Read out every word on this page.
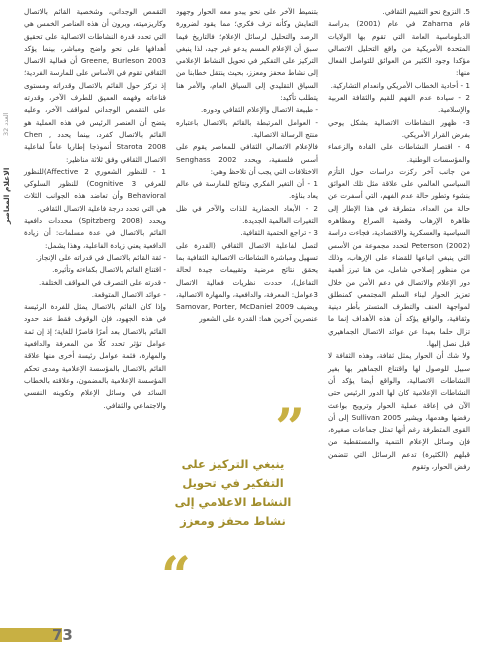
الاعلام المعاصر
العدد 32

5. النزوع نحو التقييم الثقافي.

قام Zaharna في عام (2001) بدراسة الدبلوماسية العامة التي تقوم بها الولايات المتحدة الأمريكية من واقع التحليل الاتصالي مؤكدا وجود الكثير من العوائق للتواصل الفعال منها:

1 - أحادية الخطاب الأمريكي وانعدام التشاركية.

2 - سيادة عدم الفهم للقيم والثقافة العربية والإسلامية.

3- ظهور النشاطات الاتصالية بشكل يوحي بفرض القرار الأمريكي.

4 - اقتصار النشاطات على القادة والزعماء والمؤسسات الوطنية.

من جانب آخر ركزت دراسات حول التأزم السياسي العالمي على علاقة مثل تلك العوائق بنشوء وتطور حالة عدم الفهم، التي أسفرت عن حالة من العداء، متطرقة في هذا الإطار إلى ظاهرة الإرهاب وقضية الصراع ومظاهره السياسية والعسكرية والاقتصادية، فجاءت دراسة Peterson (2002) لتحدد مجموعة من الأسس التي ينبغي اتباعها للقضاء على الإرهاب، وذلك من منظور إصلاحي شامل، من هنا تبرز أهمية دور الإعلام والاتصال في دعم الأمن من خلال تعزيز الحوار لبناء السلم المجتمعي كمنطلق لمواجهة العنف والتطرف المتستر بأطر دينية وثقافية، والواقع يؤكد أن هذه الأهداف إنما ما تزال حلما بعيدا عن عوائد الاتصال الجماهيري قبل نصل إليها.

ولا شك أن الحوار يمثل ثقافة، وهذه الثقافة لا سبيل للوصول لها واقتناع الجماهير بها بغير النشاطات الاتصالية، والواقع أيضا يؤكد أن النشاطات الإعلامية كان لها الدور الرئيس حتى الآن في إعاقة عملية الحوار وترويج بواعث رفضها وهدمها، ويشير Sullivan 2005 إلى أن القوى المتطرفة رغم أنها تمثل جماعات صغيرة، فإن وسائل الإعلام التنمية والمستقطبة من قبلهم (الكثيرة) تدعم الرسائل التي تتضمن رفض الحوار، وتقوم

بتنميط الآخر على نحو يبدو معه الحوار وجهود التعايش وكأنه ترف فكري؛ مما يقود لضرورة الرصد والتحليل لرسائل الإعلام؛ فالتاريخ فيما سبق أن الإعلام المسم يدعو غير جيد، لذا ينبغي التركيز على التفكير في تحويل النشاط الإعلامي إلى نشاط محفز ومعزز، بحيث ينتقل خطابنا من السياق التقليدي إلى السياق العام، والأمر هنا يتطلب تأكيد:

- طبيعة الاتصال والإعلام الثقافي ودوره.

- العوامل المرتبطة بالقائم بالاتصال باعتباره منتج الرسالة الاتصالية.

فالإعلام الاتصالي الثقافي للمعاصر يقوم على أسس فلسفية، ويحدد Senghass 2002 الاختلافات التي يجب أن تلاحظ وهي:

1 - أن التغير الفكري ونتائج للمارسة في عالم يعاد بناؤه.

2 - الأبعاد الحضارية للذات والآخر في ظل التغيرات العالمية الجديدة.

3 - تراجع الحتمية الثقافية.

لتصل لفاعلية الاتصال الثقافي (القدرة على تسهيل ومباشرة النشاطات الاتصالية الثقافية بما يحقق نتائج مرضية وتقييمات جيدة لحالة التفاعل)، حددت نظريات فعالية الاتصال 3عوامل: المعرفة، والدافعية، والمهارة الاتصالية، ويضيف Samovar, Porter, McDaniel 2009 عنصرين آخرين هما: القدرة على الشعور

التقمص الوجداني، وشخصية القائم بالاتصال وكاريزميته، ويرون أن هذه العناصر الخمس هي التي تحدد قدرة النشاطات الاتصالية على تحقيق أهدافها على نحو واضح ومباشر، بينما يؤكد Greene, Burleson 2003 أن فعالية الاتصال الثقافي تقوم في الأساس على للمارسة الفردية؛ إذ تركز حول القائم بالاتصال وقدراته ومستوى قناعاته وفهمه العميق للطرف الآخر، وقدرته على التقمص الوجداني لمواقف الآخر، وعليه يتضح أن العنصر الرئيس في هذه العملية هو القائم بالاتصال كفرد، بينما يحدد Chen , Starota 2008 أنموذجا إطاريا عاماً لفاعلية الاتصال الثقافي وفق ثلاثة مناظير:

1 - للنظور الشعوري Affective 2)للنظور للعرفي Cognitive 3) للنظور السلوكي Behavioral وأن تعاضد هذه الجوانب الثلاث هي التي تحدد درجة فاعلية الاتصال الثقافي.

ويحدد (Spitzberg 2008) محددات دافعية القائم بالاتصال في عدة مسلمات: أن زيادة الدافعية يعني زيادة الفاعلية، وهذا يشمل:

- ثقة القائم بالاتصال في قدراته على الإنجاز.

- اقتناع القائم بالاتصال بكفاءته وتأثيره.

- قدرته على التصرف في المواقف الختلفة.

- عوائد الاتصال المتوقعة.

وإذا كان القائم بالاتصال يمثل للفردة الرئيسة في هذه الجهود، فإن الوقوف فقط عند حدود القائم بالاتصال بعد أمرًا قاصرًا للغاية؛ إذ إن ثمة عوامل تؤثر تحدد كلًا من المعرفة والدافعية والمهارة، فثمة عوامل رئيسة أخرى منها علاقة القائم بالاتصال بالمؤسسة الإعلامية ومدى تحكم المؤسسة الإعلامية بالمضمون، وعلاقته بالخطاب السائد في وسائل الإعلام وتكوينه النفسي والاجتماعي والثقافي. ”
ينبغي التركيز على التفكير في تحويل النشاط الاعلامي إلى نشاط محفز ومعزز
“
73
